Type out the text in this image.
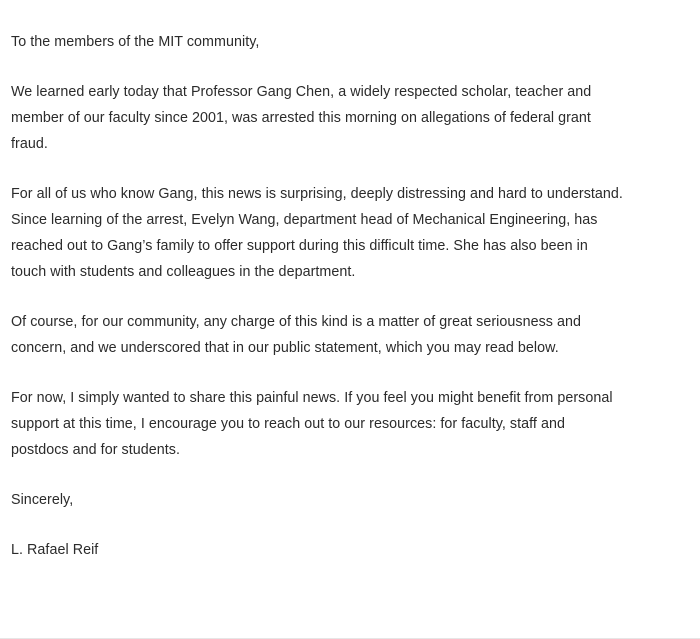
To the members of the MIT community,

We learned early today that Professor Gang Chen, a widely respected scholar, teacher and
member of our faculty since 2001, was arrested this morning on allegations of federal grant
fraud.

For all of us who know Gang, this news is surprising, deeply distressing and hard to understand.
Since learning of the arrest, Evelyn Wang, department head of Mechanical Engineering, has
reached out to Gang’s family to offer support during this difficult time. She has also been in
touch with students and colleagues in the department.

Of course, for our community, any charge of this kind is a matter of great seriousness and
concern, and we underscored that in our public statement, which you may read below.

For now, I simply wanted to share this painful news. If you feel you might benefit from personal
support at this time, I encourage you to reach out to our resources: for faculty, staff and
postdocs and for students.

Sincerely,

L. Rafael Reif
